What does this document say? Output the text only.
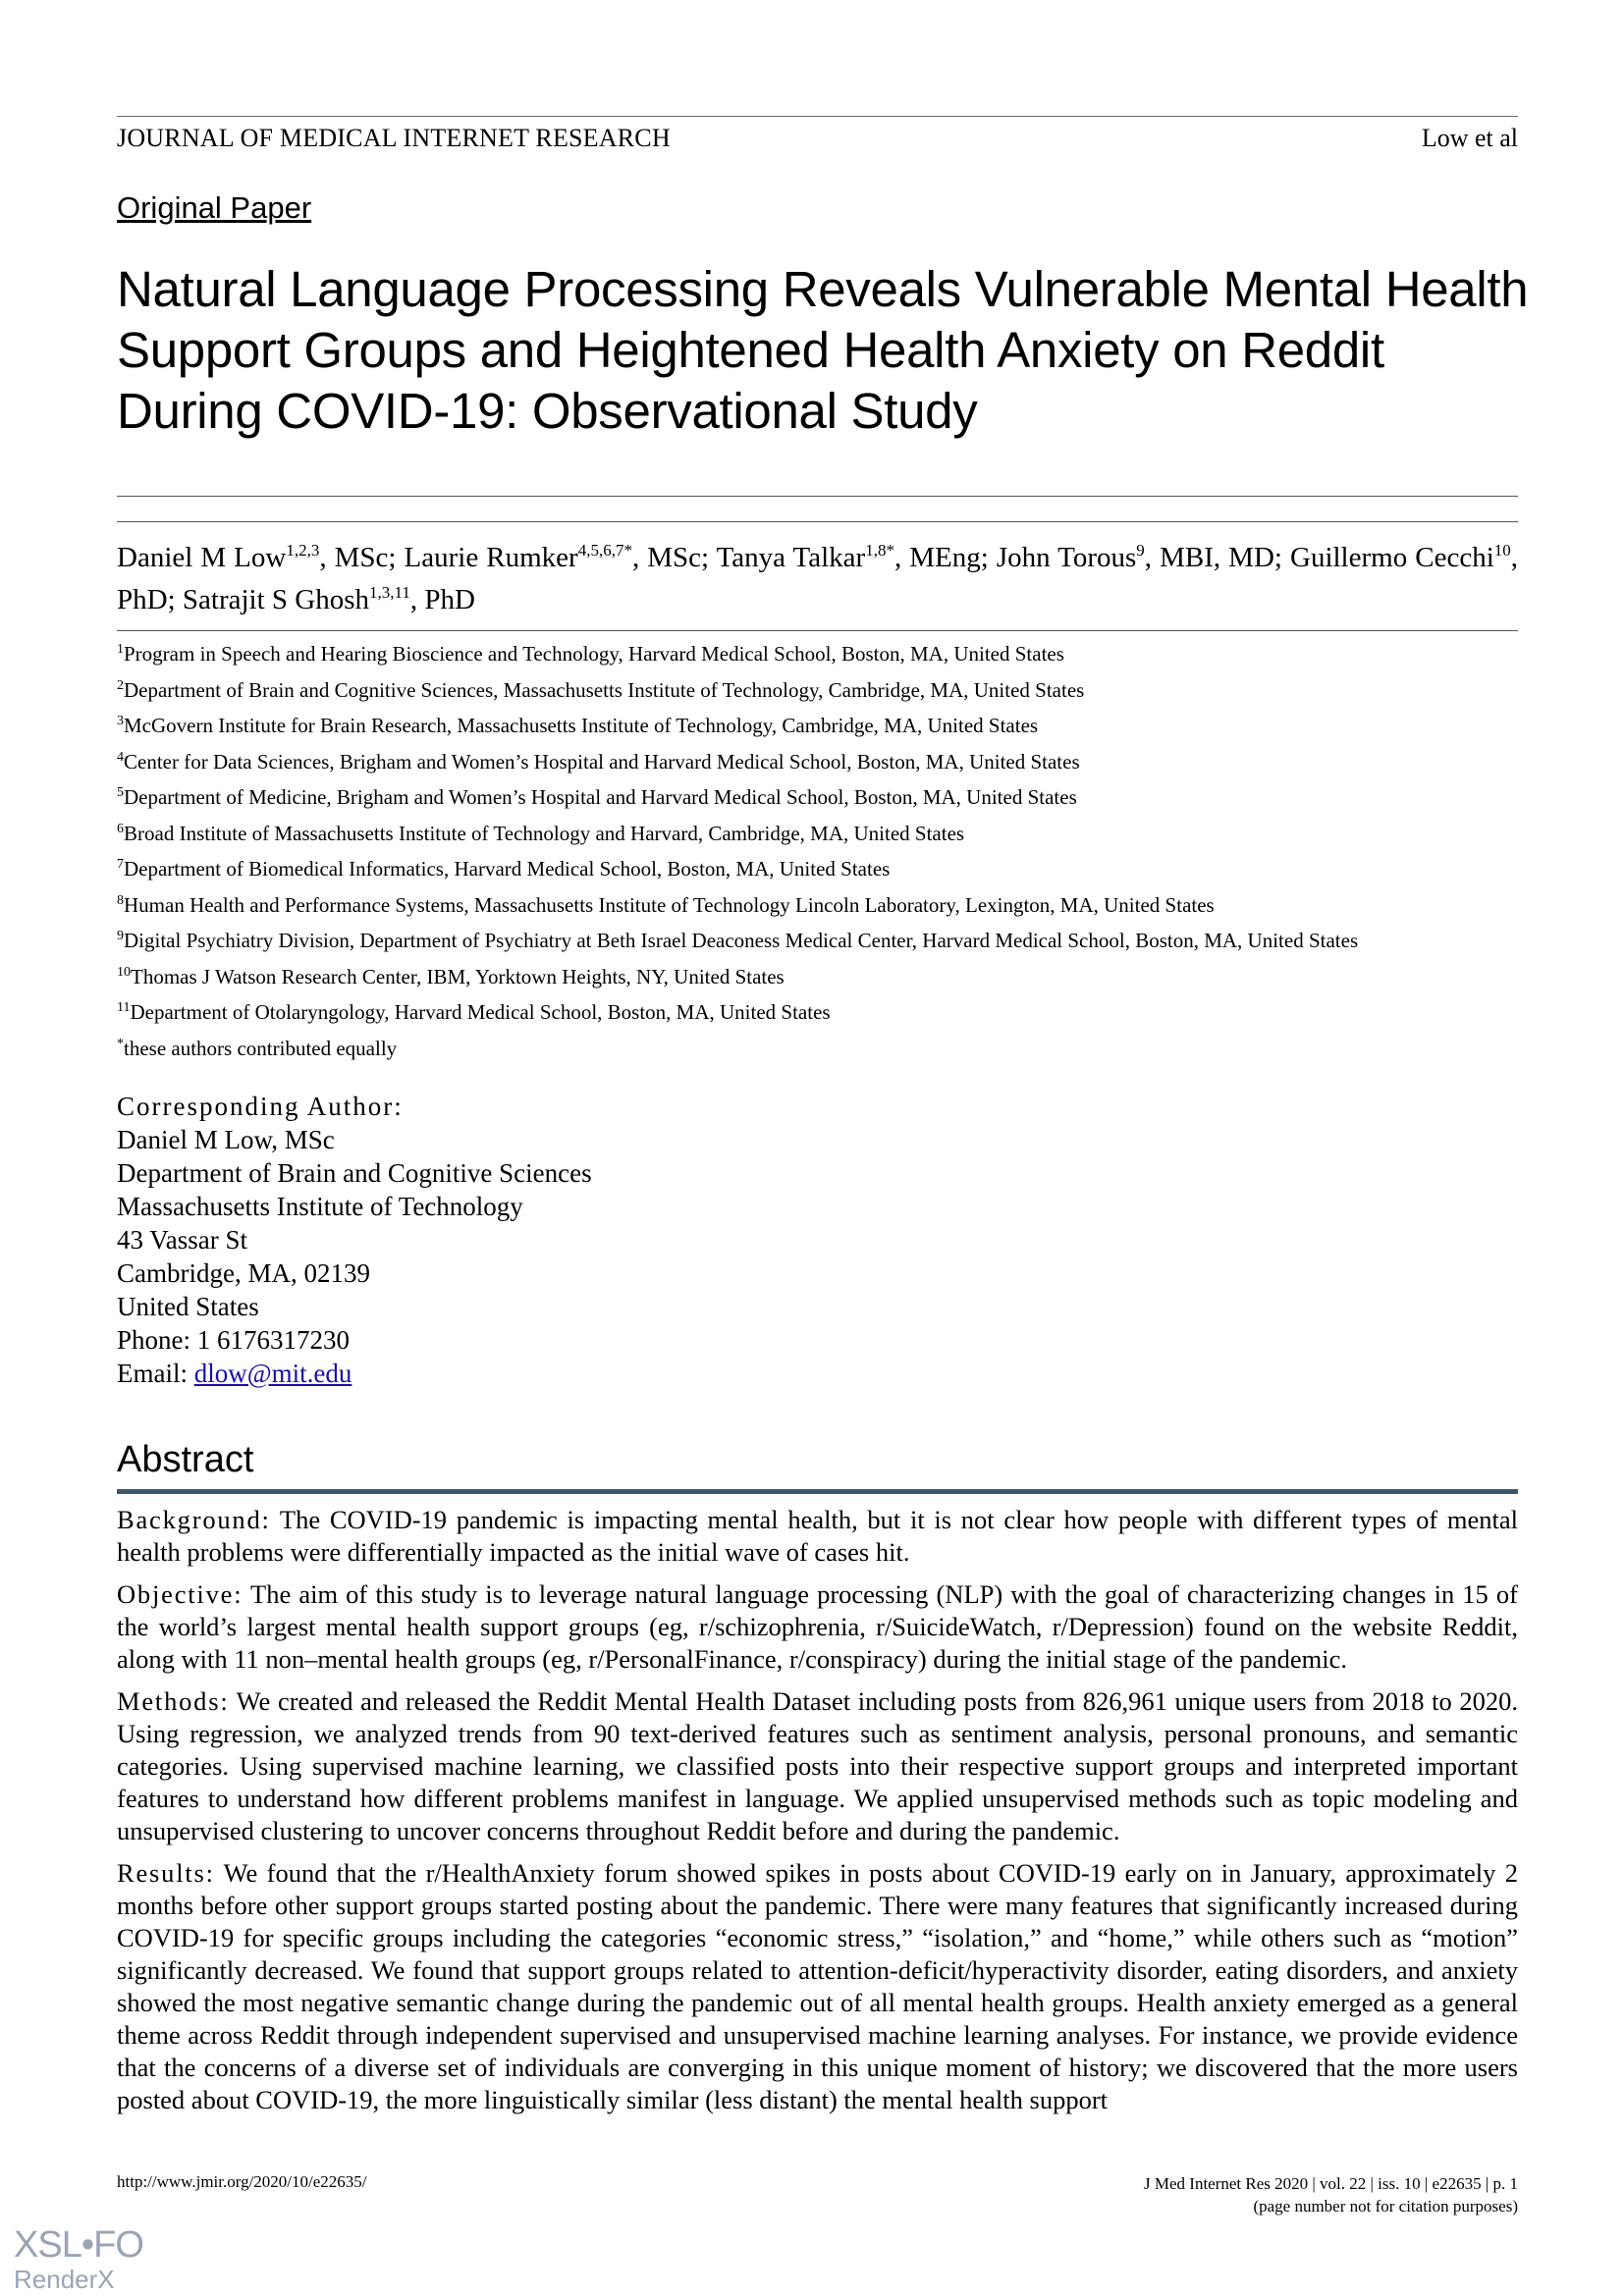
JOURNAL OF MEDICAL INTERNET RESEARCH	Low et al
Original Paper
Natural Language Processing Reveals Vulnerable Mental Health Support Groups and Heightened Health Anxiety on Reddit During COVID-19: Observational Study
Daniel M Low$^{1,2,3}$, MSc; Laurie Rumker$^{4,5,6,7*}$, MSc; Tanya Talkar$^{1,8*}$, MEng; John Torous$^9$, MBI, MD; Guillermo Cecchi$^{10}$, PhD; Satrajit S Ghosh$^{1,3,11}$, PhD
$^1$Program in Speech and Hearing Bioscience and Technology, Harvard Medical School, Boston, MA, United States
$^2$Department of Brain and Cognitive Sciences, Massachusetts Institute of Technology, Cambridge, MA, United States
$^3$McGovern Institute for Brain Research, Massachusetts Institute of Technology, Cambridge, MA, United States
$^4$Center for Data Sciences, Brigham and Women’s Hospital and Harvard Medical School, Boston, MA, United States
$^5$Department of Medicine, Brigham and Women’s Hospital and Harvard Medical School, Boston, MA, United States
$^6$Broad Institute of Massachusetts Institute of Technology and Harvard, Cambridge, MA, United States
$^7$Department of Biomedical Informatics, Harvard Medical School, Boston, MA, United States
$^8$Human Health and Performance Systems, Massachusetts Institute of Technology Lincoln Laboratory, Lexington, MA, United States
$^9$Digital Psychiatry Division, Department of Psychiatry at Beth Israel Deaconess Medical Center, Harvard Medical School, Boston, MA, United States
$^{10}$Thomas J Watson Research Center, IBM, Yorktown Heights, NY, United States
$^{11}$Department of Otolaryngology, Harvard Medical School, Boston, MA, United States
*these authors contributed equally
Corresponding Author:
Daniel M Low, MSc
Department of Brain and Cognitive Sciences
Massachusetts Institute of Technology
43 Vassar St
Cambridge, MA, 02139
United States
Phone: 1 6176317230
Email: dlow@mit.edu
Abstract

Background: The COVID-19 pandemic is impacting mental health, but it is not clear how people with different types of mental health problems were differentially impacted as the initial wave of cases hit.

Objective: The aim of this study is to leverage natural language processing (NLP) with the goal of characterizing changes in 15 of the world’s largest mental health support groups (eg, r/schizophrenia, r/SuicideWatch, r/Depression) found on the website Reddit, along with 11 non–mental health groups (eg, r/PersonalFinance, r/conspiracy) during the initial stage of the pandemic.

Methods: We created and released the Reddit Mental Health Dataset including posts from 826,961 unique users from 2018 to 2020. Using regression, we analyzed trends from 90 text-derived features such as sentiment analysis, personal pronouns, and semantic categories. Using supervised machine learning, we classified posts into their respective support groups and interpreted important features to understand how different problems manifest in language. We applied unsupervised methods such as topic modeling and unsupervised clustering to uncover concerns throughout Reddit before and during the pandemic.

Results: We found that the r/HealthAnxiety forum showed spikes in posts about COVID-19 early on in January, approximately 2 months before other support groups started posting about the pandemic. There were many features that significantly increased during COVID-19 for specific groups including the categories “economic stress,” “isolation,” and “home,” while others such as “motion” significantly decreased. We found that support groups related to attention-deficit/hyperactivity disorder, eating disorders, and anxiety showed the most negative semantic change during the pandemic out of all mental health groups. Health anxiety emerged as a general theme across Reddit through independent supervised and unsupervised machine learning analyses. For instance, we provide evidence that the concerns of a diverse set of individuals are converging in this unique moment of history; we discovered that the more users posted about COVID-19, the more linguistically similar (less distant) the mental health support

http://www.jmir.org/2020/10/e22635/	J Med Internet Res 2020 | vol. 22 | iss. 10 | e22635 | p. 1
(page number not for citation purposes)
XSL•FO
RenderX
